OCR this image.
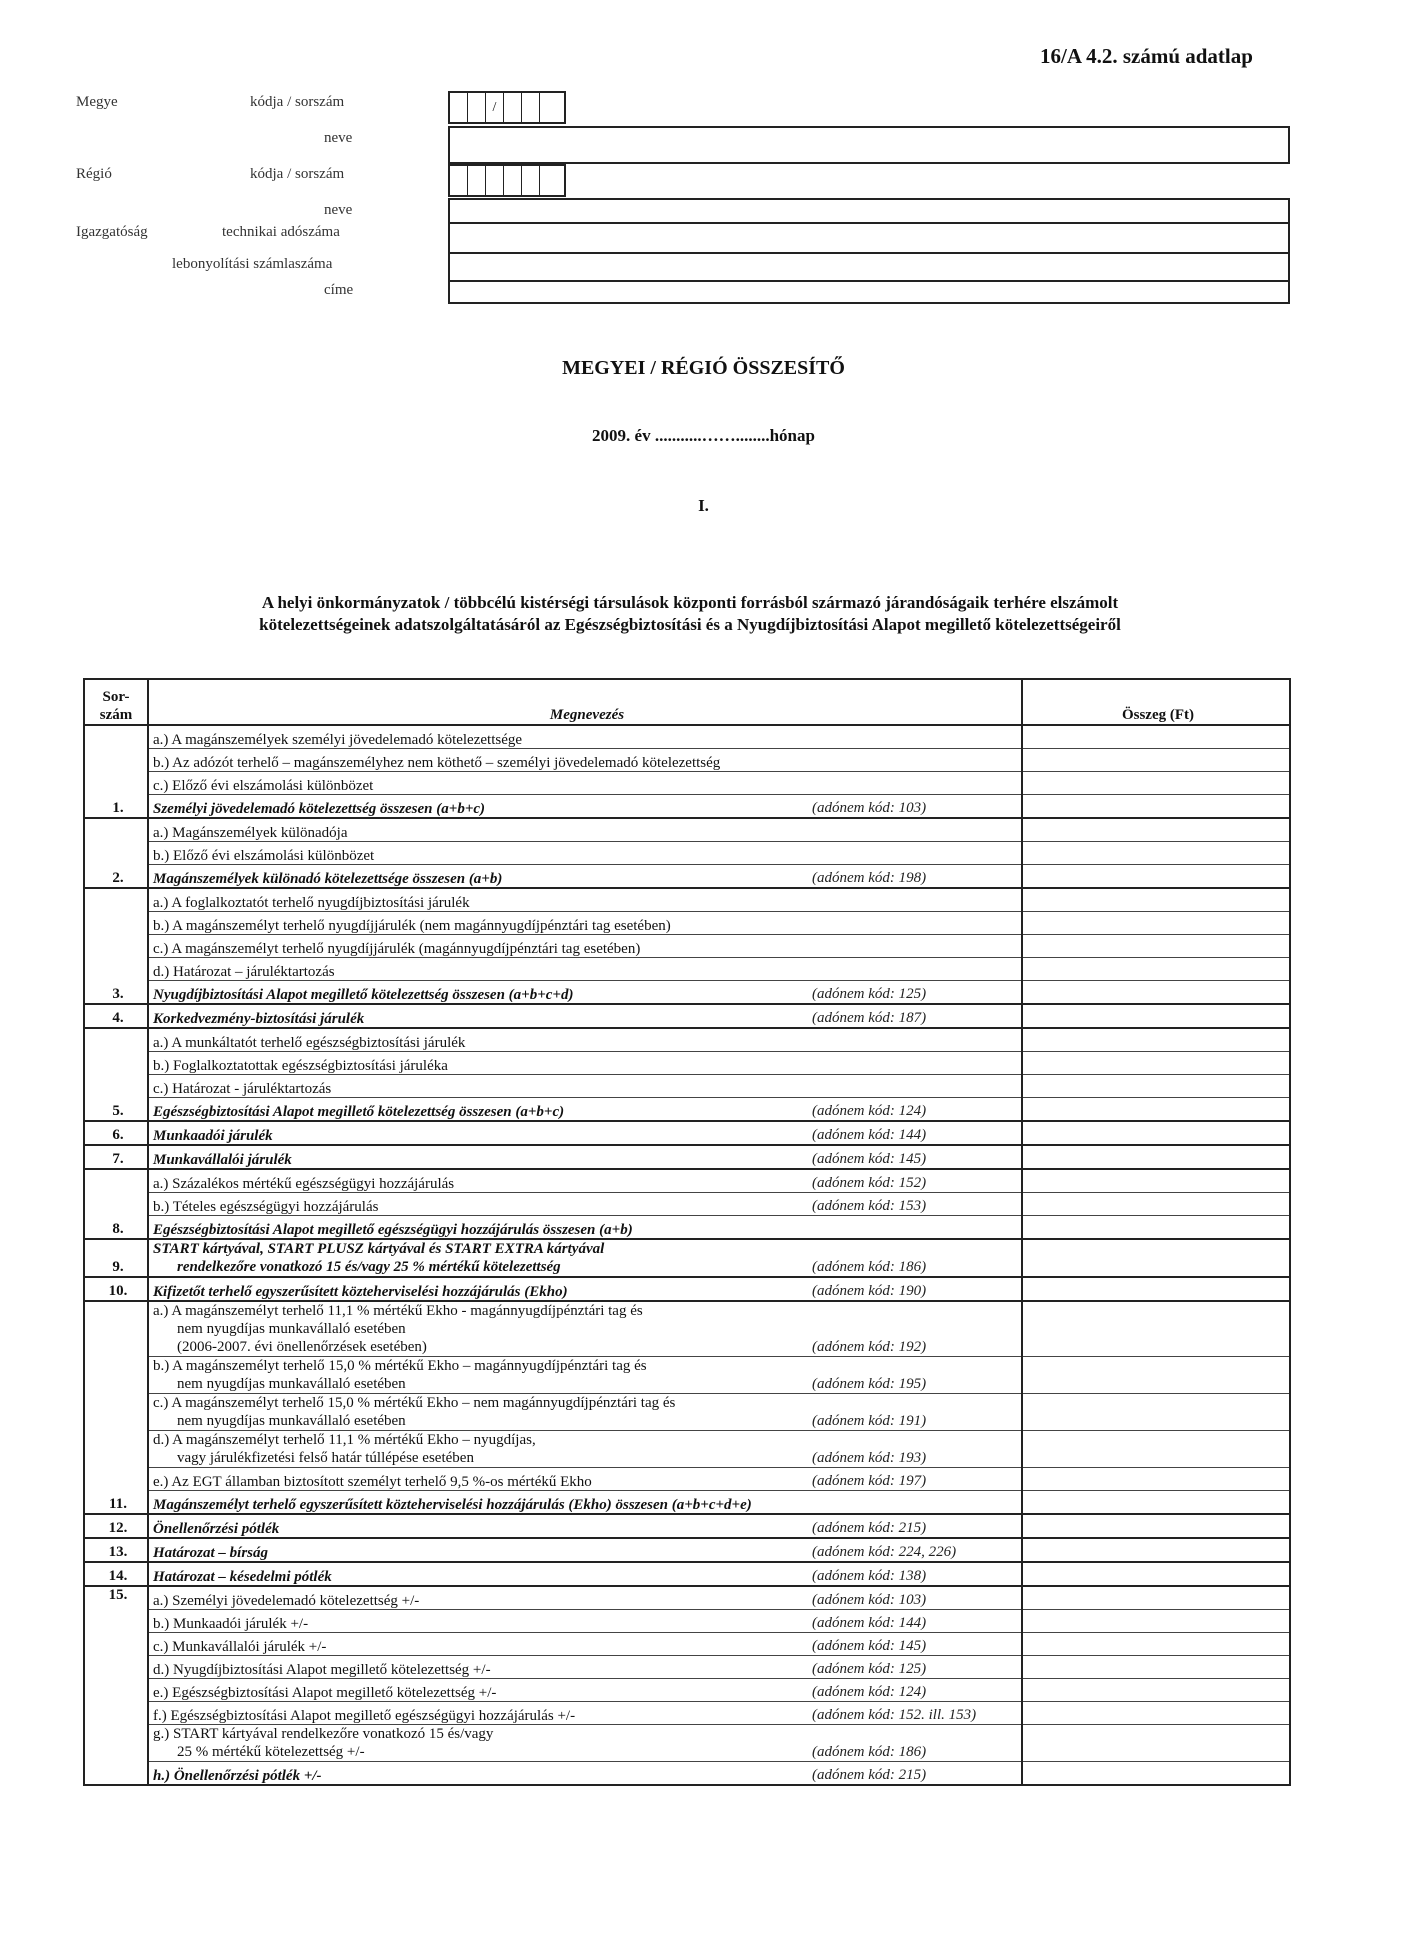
16/A 4.2. számú adatlap
Megye	kódja / sorszám
neve
Régió	kódja / sorszám
neve
Igazgatóság	technikai adószáma
lebonyolítási számlaszáma
címe
/
MEGYEI / RÉGIÓ ÖSSZESÍTŐ
2009. év ...........……........hónap
I.
A helyi önkormányzatok / többcélú kistérségi társulások központi forrásból származó járandóságaik terhére elszámolt
kötelezettségeinek adatszolgáltatásáról az Egészségbiztosítási és a Nyugdíjbiztosítási Alapot megillető kötelezettségeiről
Sor-
szám	Megnevezés		Összeg (Ft)
1.	a.) A magánszemélyek személyi jövedelemadó kötelezettsége		
	b.) Az adózót terhelő – magánszemélyhez nem köthető – személyi jövedelemadó kötelezettség		
	c.) Előző évi elszámolási különbözet		
	Személyi jövedelemadó kötelezettség összesen (a+b+c)	(adónem kód: 103)	
2.	a.) Magánszemélyek különadója		
	b.) Előző évi elszámolási különbözet		
	Magánszemélyek különadó kötelezettsége összesen (a+b)	(adónem kód: 198)	
3.	a.) A foglalkoztatót terhelő nyugdíjbiztosítási járulék		
	b.) A magánszemélyt terhelő nyugdíjjárulék (nem magánnyugdíjpénztári tag esetében)		
	c.) A magánszemélyt terhelő nyugdíjjárulék (magánnyugdíjpénztári tag esetében)		
	d.) Határozat – járuléktartozás		
	Nyugdíjbiztosítási Alapot megillető kötelezettség összesen (a+b+c+d)	(adónem kód: 125)	
4.	Korkedvezmény-biztosítási járulék	(adónem kód: 187)	
5.	a.) A munkáltatót terhelő egészségbiztosítási járulék		
	b.) Foglalkoztatottak egészségbiztosítási járuléka		
	c.) Határozat - járuléktartozás		
	Egészségbiztosítási Alapot megillető kötelezettség összesen (a+b+c)	(adónem kód: 124)	
6.	Munkaadói járulék	(adónem kód: 144)	
7.	Munkavállalói járulék	(adónem kód: 145)	
8.	a.) Százalékos mértékű egészségügyi hozzájárulás	(adónem kód: 152)	
	b.) Tételes egészségügyi hozzájárulás	(adónem kód: 153)	
	Egészségbiztosítási Alapot megillető egészségügyi hozzájárulás összesen (a+b)		
9.	START kártyával, START PLUSZ kártyával és START EXTRA kártyával
rendelkezőre vonatkozó 15 és/vagy 25 % mértékű kötelezettség	(adónem kód: 186)	
10.	Kifizetőt terhelő egyszerűsített közteherviselési hozzájárulás (Ekho)	(adónem kód: 190)	
11.	a.) A magánszemélyt terhelő 11,1 % mértékű Ekho - magánnyugdíjpénztári tag és
nem nyugdíjas munkavállaló esetében
(2006-2007. évi önellenőrzések esetében)	(adónem kód: 192)	

	b.) A magánszemélyt terhelő 15,0 % mértékű Ekho – magánnyugdíjpénztári tag és
nem nyugdíjas munkavállaló esetében	(adónem kód: 195)	

	c.) A magánszemélyt terhelő 15,0 % mértékű Ekho – nem magánnyugdíjpénztári tag és
nem nyugdíjas munkavállaló esetében	(adónem kód: 191)	

	d.) A magánszemélyt terhelő 11,1 % mértékű Ekho – nyugdíjas,
vagy járulékfizetési felső határ túllépése esetében	(adónem kód: 193)	
	e.) Az EGT államban biztosított személyt terhelő 9,5 %-os mértékű Ekho	(adónem kód: 197)	
	Magánszemélyt terhelő egyszerűsített közteherviselési hozzájárulás (Ekho) összesen (a+b+c+d+e)		
12.	Önellenőrzési pótlék	(adónem kód: 215)	
13.	Határozat – bírság	(adónem kód: 224, 226)	
14.	Határozat – késedelmi pótlék	(adónem kód: 138)	
15.	a.) Személyi jövedelemadó kötelezettség +/-	(adónem kód: 103)	
	b.) Munkaadói járulék +/-	(adónem kód: 144)	
	c.) Munkavállalói járulék +/-	(adónem kód: 145)	
	d.) Nyugdíjbiztosítási Alapot megillető kötelezettség +/-	(adónem kód: 125)	
	e.) Egészségbiztosítási Alapot megillető kötelezettség +/-	(adónem kód: 124)	
	f.) Egészségbiztosítási Alapot megillető egészségügyi hozzájárulás +/-	(adónem kód: 152. ill. 153)	

	g.) START kártyával rendelkezőre vonatkozó 15 és/vagy
25 % mértékű kötelezettség +/-	(adónem kód: 186)	
	h.) Önellenőrzési pótlék +/-	(adónem kód: 215)	
